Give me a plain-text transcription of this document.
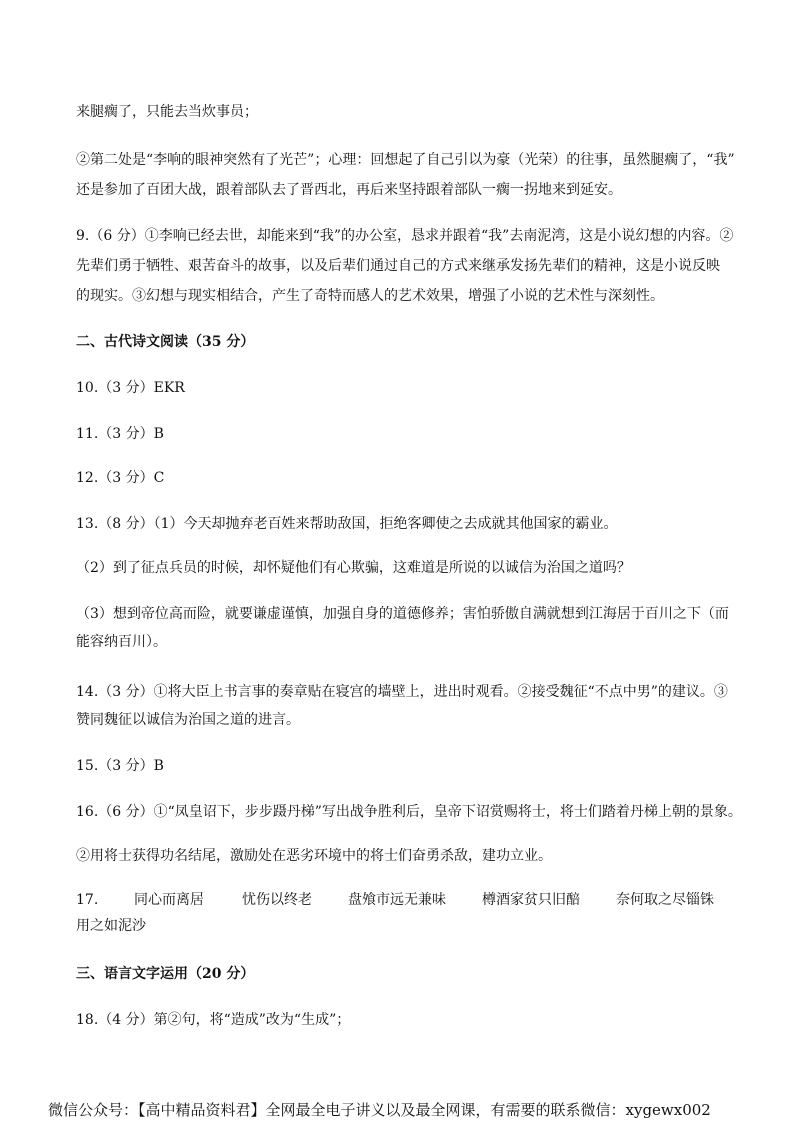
来腿瘸了，只能去当炊事员；
②第二处是“李响的眼神突然有了光芒”；心理：回想起了自己引以为豪（光荣）的往事，虽然腿瘸了，“我”
还是参加了百团大战，跟着部队去了晋西北，再后来坚持跟着部队一瘸一拐地来到延安。
9.（6 分）①李响已经去世，却能来到“我”的办公室，恳求并跟着“我”去南泥湾，这是小说幻想的内容。②
先辈们勇于牺牲、艰苦奋斗的故事，以及后辈们通过自己的方式来继承发扬先辈们的精神，这是小说反映
的现实。③幻想与现实相结合，产生了奇特而感人的艺术效果，增强了小说的艺术性与深刻性。
二、古代诗文阅读（35 分）
10.（3 分）EKR
11.（3 分）B
12.（3 分）C
13.（8 分）（1）今天却抛弃老百姓来帮助敌国，拒绝客卿使之去成就其他国家的霸业。
（2）到了征点兵员的时候，却怀疑他们有心欺骗，这难道是所说的以诚信为治国之道吗？
（3）想到帝位高而险，就要谦虚谨慎，加强自身的道德修养；害怕骄傲自满就想到江海居于百川之下（而
能容纳百川）。
14.（3 分）①将大臣上书言事的奏章贴在寝宫的墙壁上，进出时观看。②接受魏征“不点中男”的建议。③
赞同魏征以诚信为治国之道的进言。
15.（3 分）B
16.（6 分）①“凤皇诏下，步步蹑丹梯”写出战争胜利后，皇帝下诏赏赐将士，将士们踏着丹梯上朝的景象。
②用将士获得功名结尾，激励处在恶劣环境中的将士们奋勇杀敌，建功立业。
17.	同心而离居	忧伤以终老	盘飧市远无兼味	樽酒家贫只旧醅	奈何取之尽锱铢
用之如泥沙
三、语言文字运用（20 分）
18.（4 分）第②句，将“造成”改为“生成”；
微信公众号：【高中精品资料君】全网最全电子讲义以及最全网课，有需要的联系微信：xygewx002
